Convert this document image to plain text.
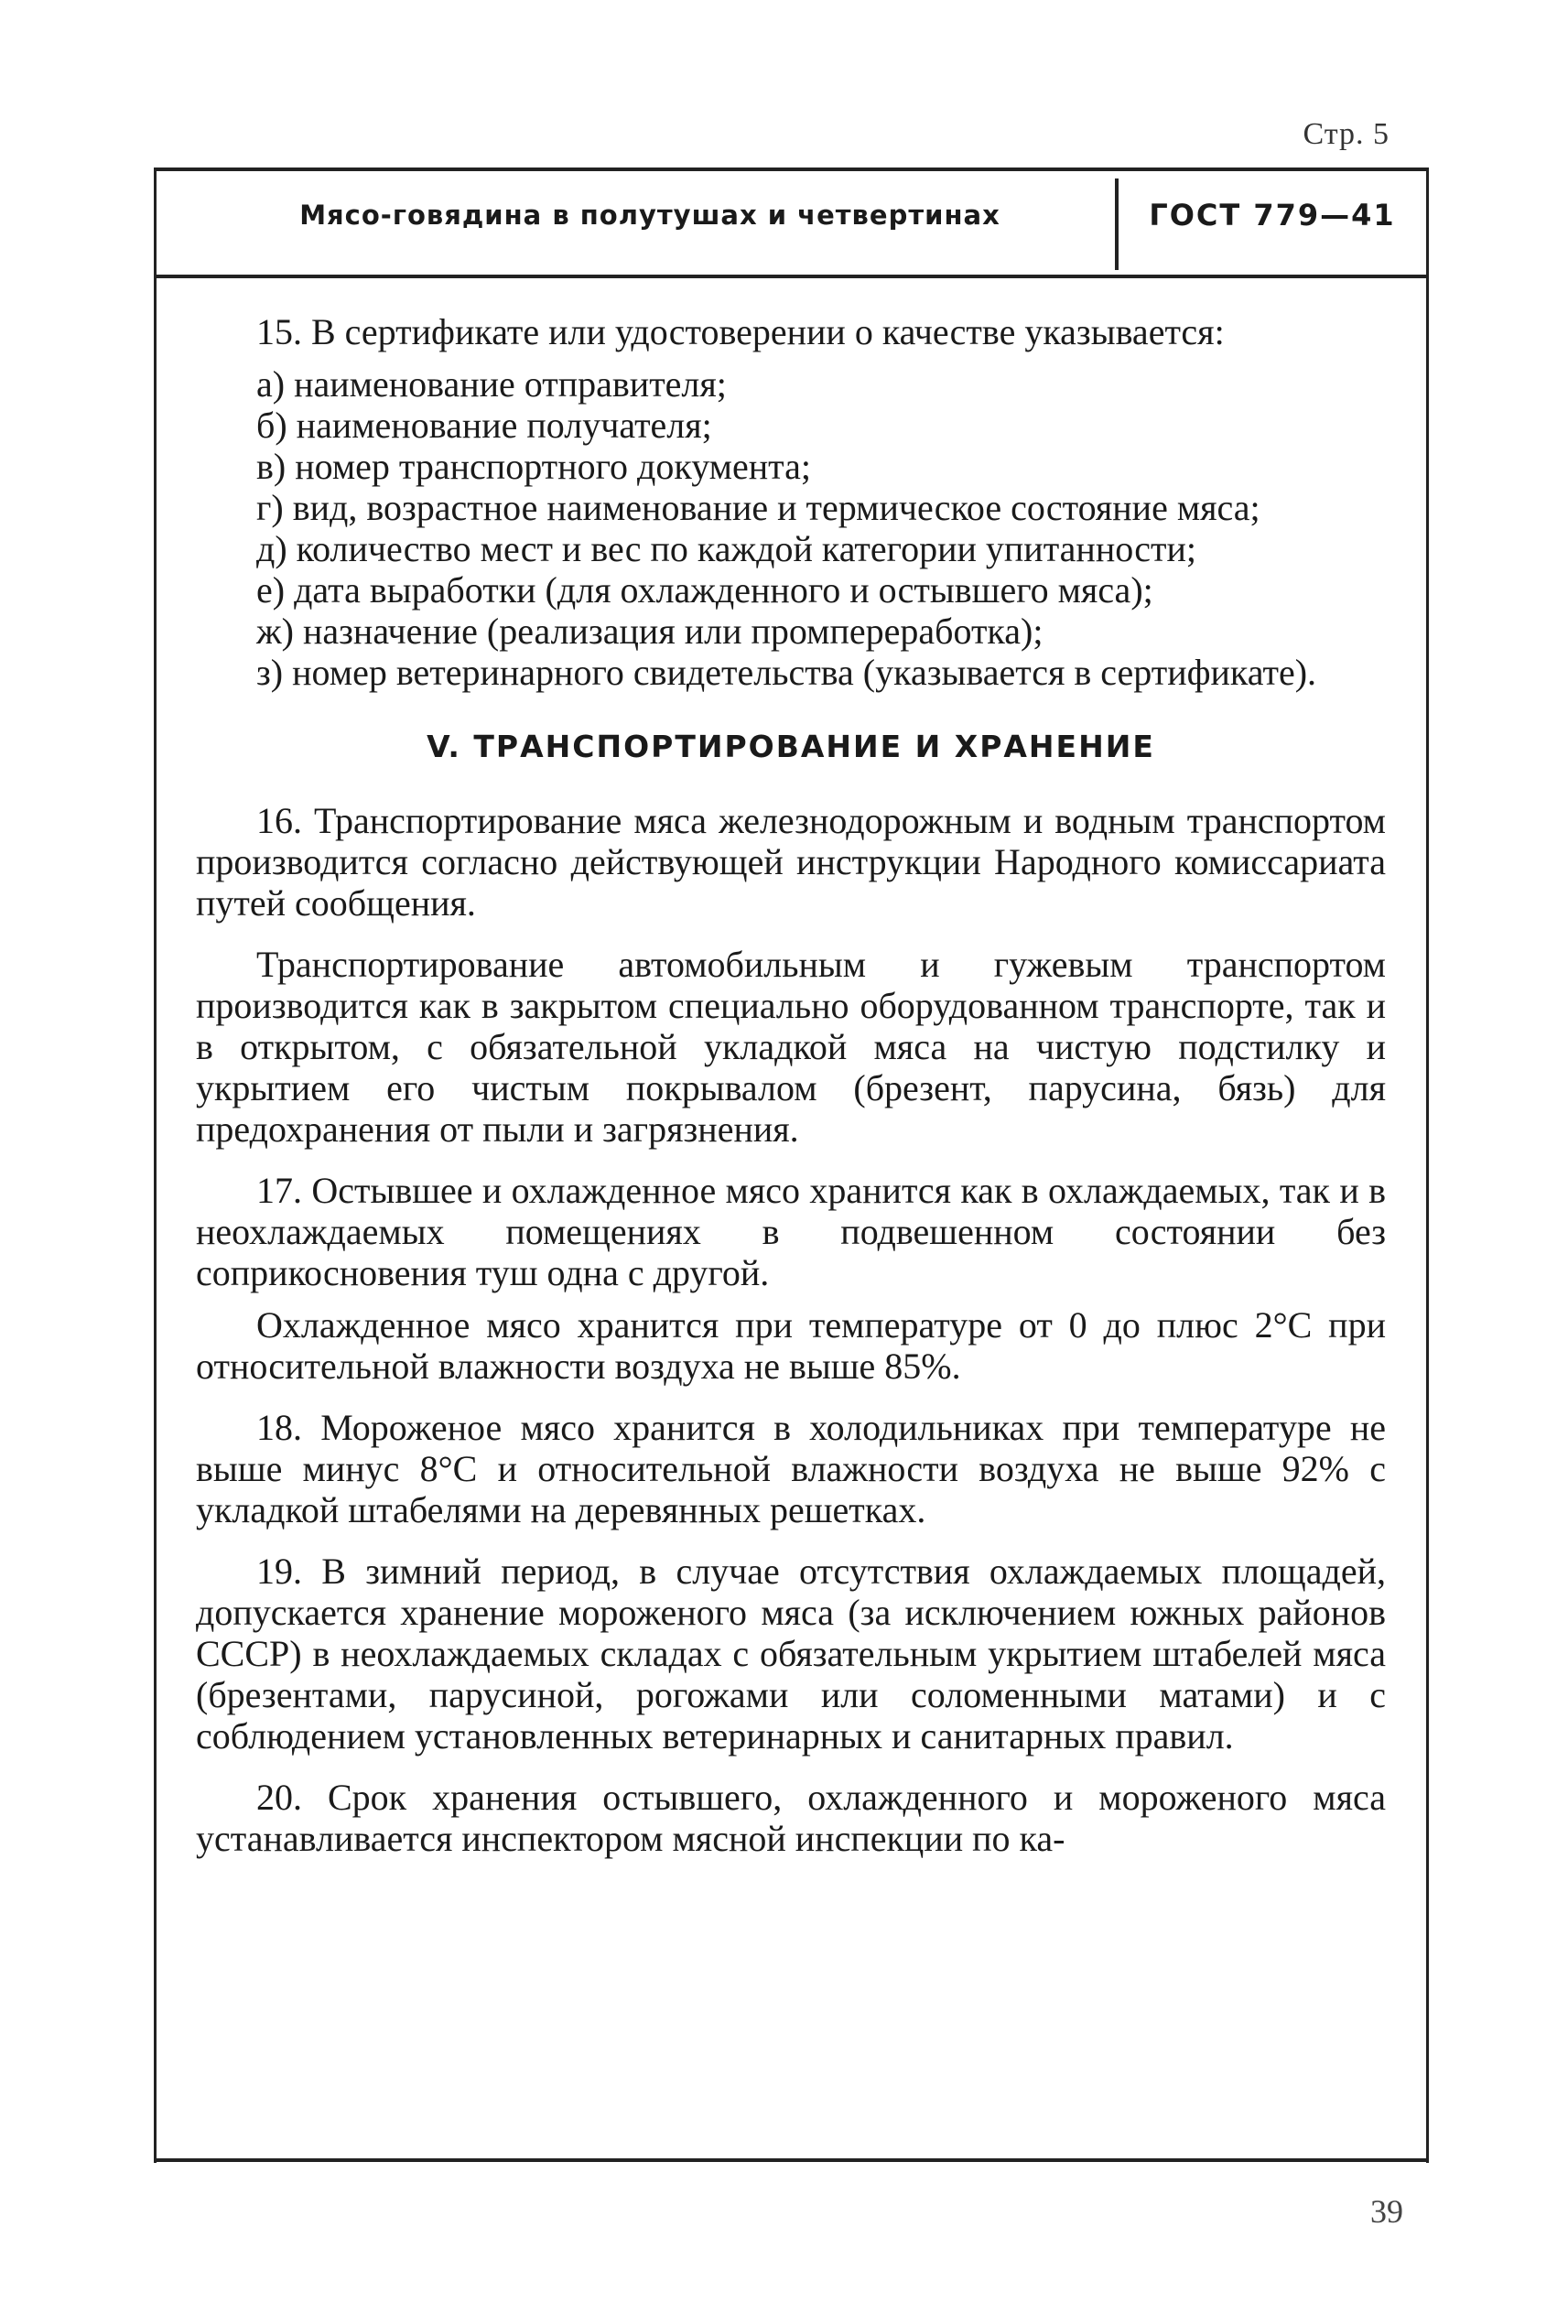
Стр. 5
Мясо-говядина в полутушах и четвертинах	ГОСТ 779—41

15. В сертификате или удостоверении о качестве указывается:

а) наименование отправителя;

б) наименование получателя;

в) номер транспортного документа;

г) вид, возрастное наименование и термическое состояние мяса;

д) количество мест и вес по каждой категории упитанности;

е) дата выработки (для охлажденного и остывшего мяса);

ж) назначение (реализация или промпереработка);

з) номер ветеринарного свидетельства (указывается в сертификате).

V. ТРАНСПОРТИРОВАНИЕ И ХРАНЕНИЕ

16. Транспортирование мяса железнодорожным и водным транспортом производится согласно действующей инструкции Народного комиссариата путей сообщения.

Транспортирование автомобильным и гужевым транспортом производится как в закрытом специально оборудованном транспорте, так и в открытом, с обязательной укладкой мяса на чистую подстилку и укрытием его чистым покрывалом (брезент, парусина, бязь) для предохранения от пыли и загрязнения.

17. Остывшее и охлажденное мясо хранится как в охлаждаемых, так и в неохлаждаемых помещениях в подвешенном состоянии без соприкосновения туш одна с другой.

Охлажденное мясо хранится при температуре от 0 до плюс 2°С при относительной влажности воздуха не выше 85%.

18. Мороженое мясо хранится в холодильниках при температуре не выше минус 8°С и относительной влажности воздуха не выше 92% с укладкой штабелями на деревянных решетках.

19. В зимний период, в случае отсутствия охлаждаемых площадей, допускается хранение мороженого мяса (за исключением южных районов СССР) в неохлаждаемых складах с обязательным укрытием штабелей мяса (брезентами, парусиной, рогожами или соломенными матами) и с соблюдением установленных ветеринарных и санитарных правил.

20. Срок хранения остывшего, охлажденного и мороженого мяса устанавливается инспектором мясной инспекции по ка-

39
